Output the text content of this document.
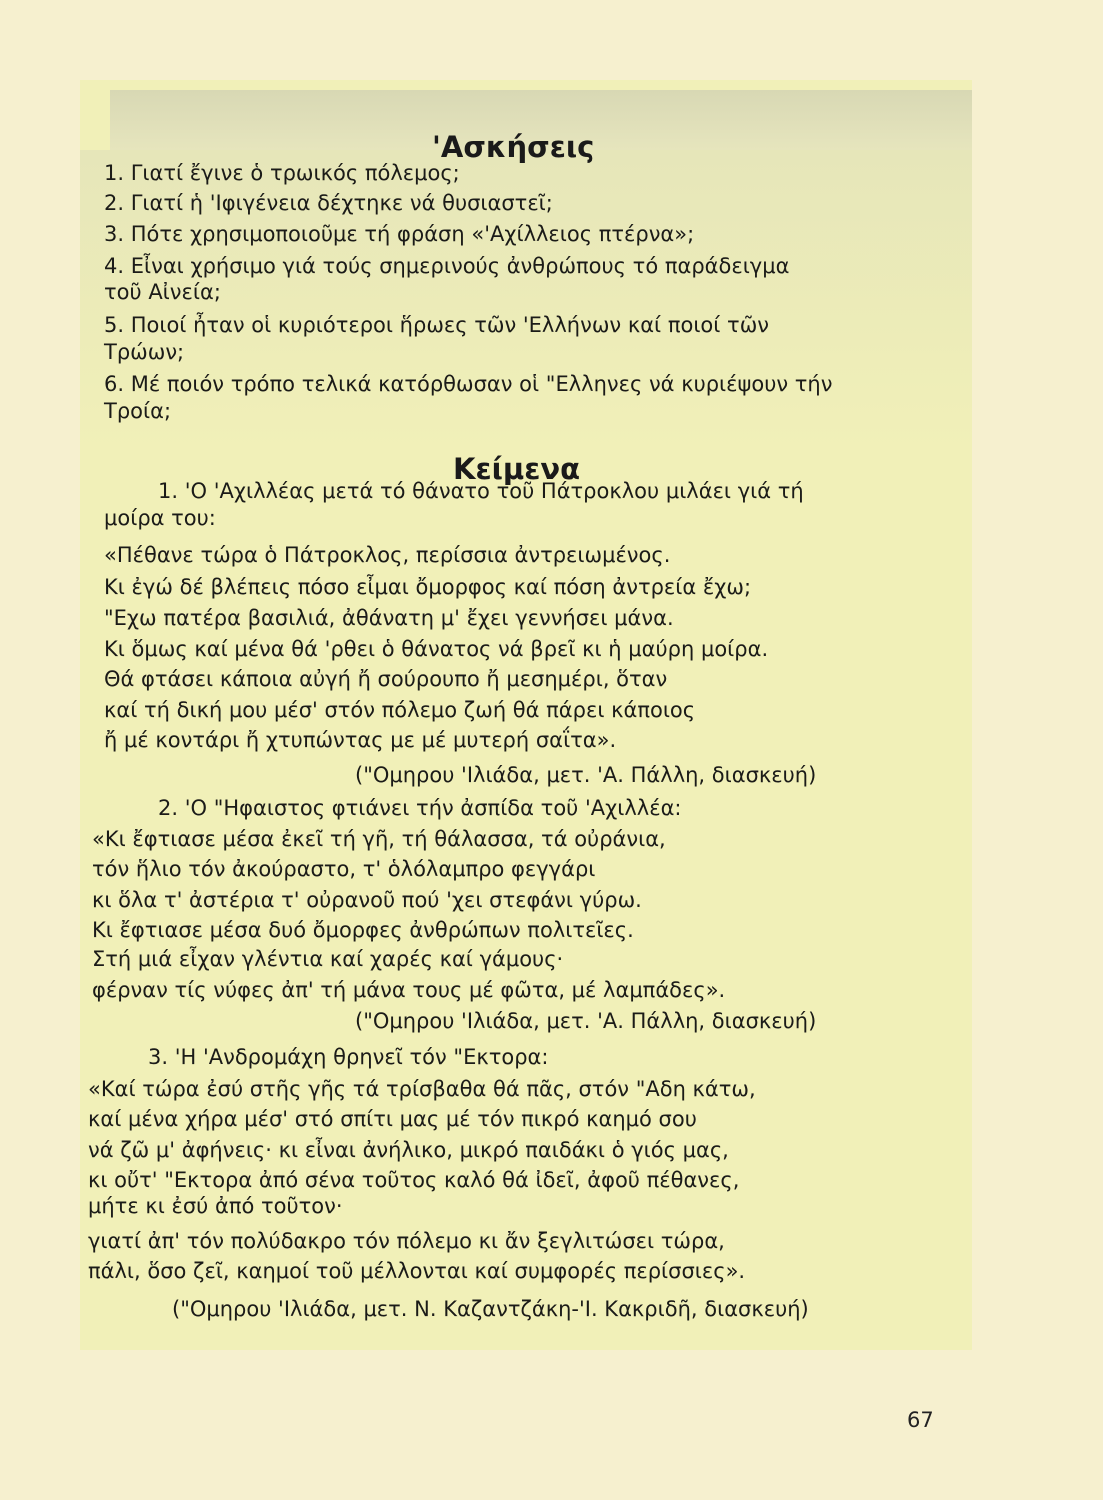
'Ασκήσεις
1. Γιατί ἔγινε ὁ τρωικός πόλεμος;
2. Γιατί ἡ 'Ιφιγένεια δέχτηκε νά θυσιαστεῖ;
3. Πότε χρησιμοποιοῦμε τή φράση «'Αχίλλειος πτέρνα»;
4. Εἶναι χρήσιμο γιά τούς σημερινούς ἀνθρώπους τό παράδειγμα
τοῦ Αἰνεία;
5. Ποιοί ἦταν οἱ κυριότεροι ἥρωες τῶν 'Ελλήνων καί ποιοί τῶν
Τρώων;
6. Μέ ποιόν τρόπο τελικά κατόρθωσαν οἱ "Ελληνες νά κυριέψουν τήν
Τροία;
Κείμενα
1. 'Ο 'Αχιλλέας μετά τό θάνατο τοῦ Πάτροκλου μιλάει γιά τή
μοίρα του:
«Πέθανε τώρα ὁ Πάτροκλος, περίσσια ἀντρειωμένος.
Κι ἐγώ δέ βλέπεις πόσο εἶμαι ὄμορφος καί πόση ἀντρεία ἔχω;
"Εχω πατέρα βασιλιά, ἀθάνατη μ' ἔχει γεννήσει μάνα.
Κι ὅμως καί μένα θά 'ρθει ὁ θάνατος νά βρεῖ κι ἡ μαύρη μοίρα.
Θά φτάσει κάποια αὐγή ἤ σούρουπο ἤ μεσημέρι, ὅταν
καί τή δική μου μέσ' στόν πόλεμο ζωή θά πάρει κάποιος
ἤ μέ κοντάρι ἤ χτυπώντας με μέ μυτερή σαΐτα».
("Ομηρου 'Ιλιάδα, μετ. 'Α. Πάλλη, διασκευή)
2. 'Ο "Ηφαιστος φτιάνει τήν ἀσπίδα τοῦ 'Αχιλλέα:
«Κι ἔφτιασε μέσα ἐκεῖ τή γῆ, τή θάλασσα, τά οὐράνια,
τόν ἥλιο τόν ἀκούραστο, τ' ὁλόλαμπρο φεγγάρι
κι ὅλα τ' ἀστέρια τ' οὐρανοῦ πού 'χει στεφάνι γύρω.
Κι ἔφτιασε μέσα δυό ὄμορφες ἀνθρώπων πολιτεῖες.
Στή μιά εἶχαν γλέντια καί χαρές καί γάμους·
φέρναν τίς νύφες ἀπ' τή μάνα τους μέ φῶτα, μέ λαμπάδες».
("Ομηρου 'Ιλιάδα, μετ. 'Α. Πάλλη, διασκευή)
3. 'Η 'Ανδρομάχη θρηνεῖ τόν "Εκτορα:
«Καί τώρα ἐσύ στῆς γῆς τά τρίσβαθα θά πᾶς, στόν "Αδη κάτω,
καί μένα χήρα μέσ' στό σπίτι μας μέ τόν πικρό καημό σου
νά ζῶ μ' ἀφήνεις· κι εἶναι ἀνήλικο, μικρό παιδάκι ὁ γιός μας,
κι οὔτ' "Εκτορα ἀπό σένα τοῦτος καλό θά ἰδεῖ, ἀφοῦ πέθανες,
μήτε κι ἐσύ ἀπό τοῦτον·
γιατί ἀπ' τόν πολύδακρο τόν πόλεμο κι ἄν ξεγλιτώσει τώρα,
πάλι, ὅσο ζεῖ, καημοί τοῦ μέλλονται καί συμφορές περίσσιες».
("Ομηρου 'Ιλιάδα, μετ. Ν. Καζαντζάκη-'Ι. Κακριδῆ, διασκευή)
67
